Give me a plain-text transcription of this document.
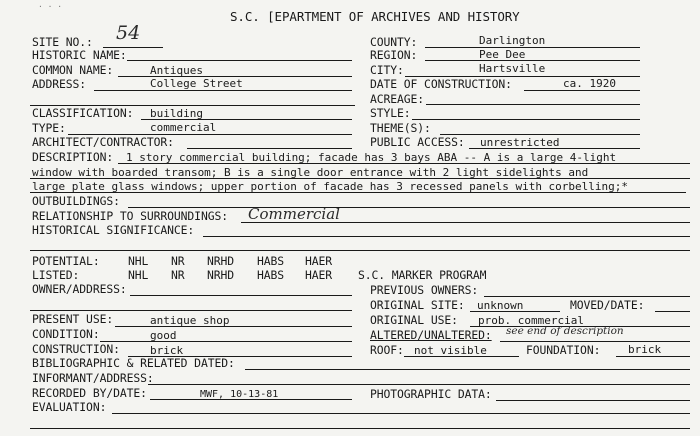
· · ·
S.C. [EPARTMENT OF ARCHIVES AND HISTORY
SITE NO.: 54	COUNTY:	Darlington
HISTORIC NAME:	REGION:	Pee Dee
COMMON NAME:	Antiques	CITY:	Hartsville
ADDRESS:	College Street	DATE OF CONSTRUCTION:	ca. 1920
ACREAGE:
CLASSIFICATION: building	STYLE:
TYPE:	commercial	THEME(S):
ARCHITECT/CONTRACTOR:	PUBLIC ACCESS: unrestricted
DESCRIPTION: 1 story commercial building; facade has 3 bays ABA -- A is a large 4-light
window with boarded transom; B is a single door entrance with 2 light sidelights and
large plate glass windows; upper portion of facade has 3 recessed panels with corbelling;*
OUTBUILDINGS:
RELATIONSHIP TO SURROUNDINGS: Commercial
HISTORICAL SIGNIFICANCE:
POTENTIAL: NHL NR NRHD HABS HAER
LISTED:	NHL NR NRHD HABS HAER S.C. MARKER PROGRAM
OWNER/ADDRESS:	PREVIOUS OWNERS:
ORIGINAL SITE: unknown	MOVED/DATE:
PRESENT USE:	antique shop	ORIGINAL USE: prob. commercial
CONDITION:	good	ALTERED/UNALTERED: see end of description
CONSTRUCTION:	brick	ROOF: not visible	FOUNDATION:	brick
BIBLIOGRAPHIC & RELATED DATED:
INFORMANT/ADDRESS:
RECORDED BY/DATE:	MWF, 10-13-81	PHOTOGRAPHIC DATA:
EVALUATION:
